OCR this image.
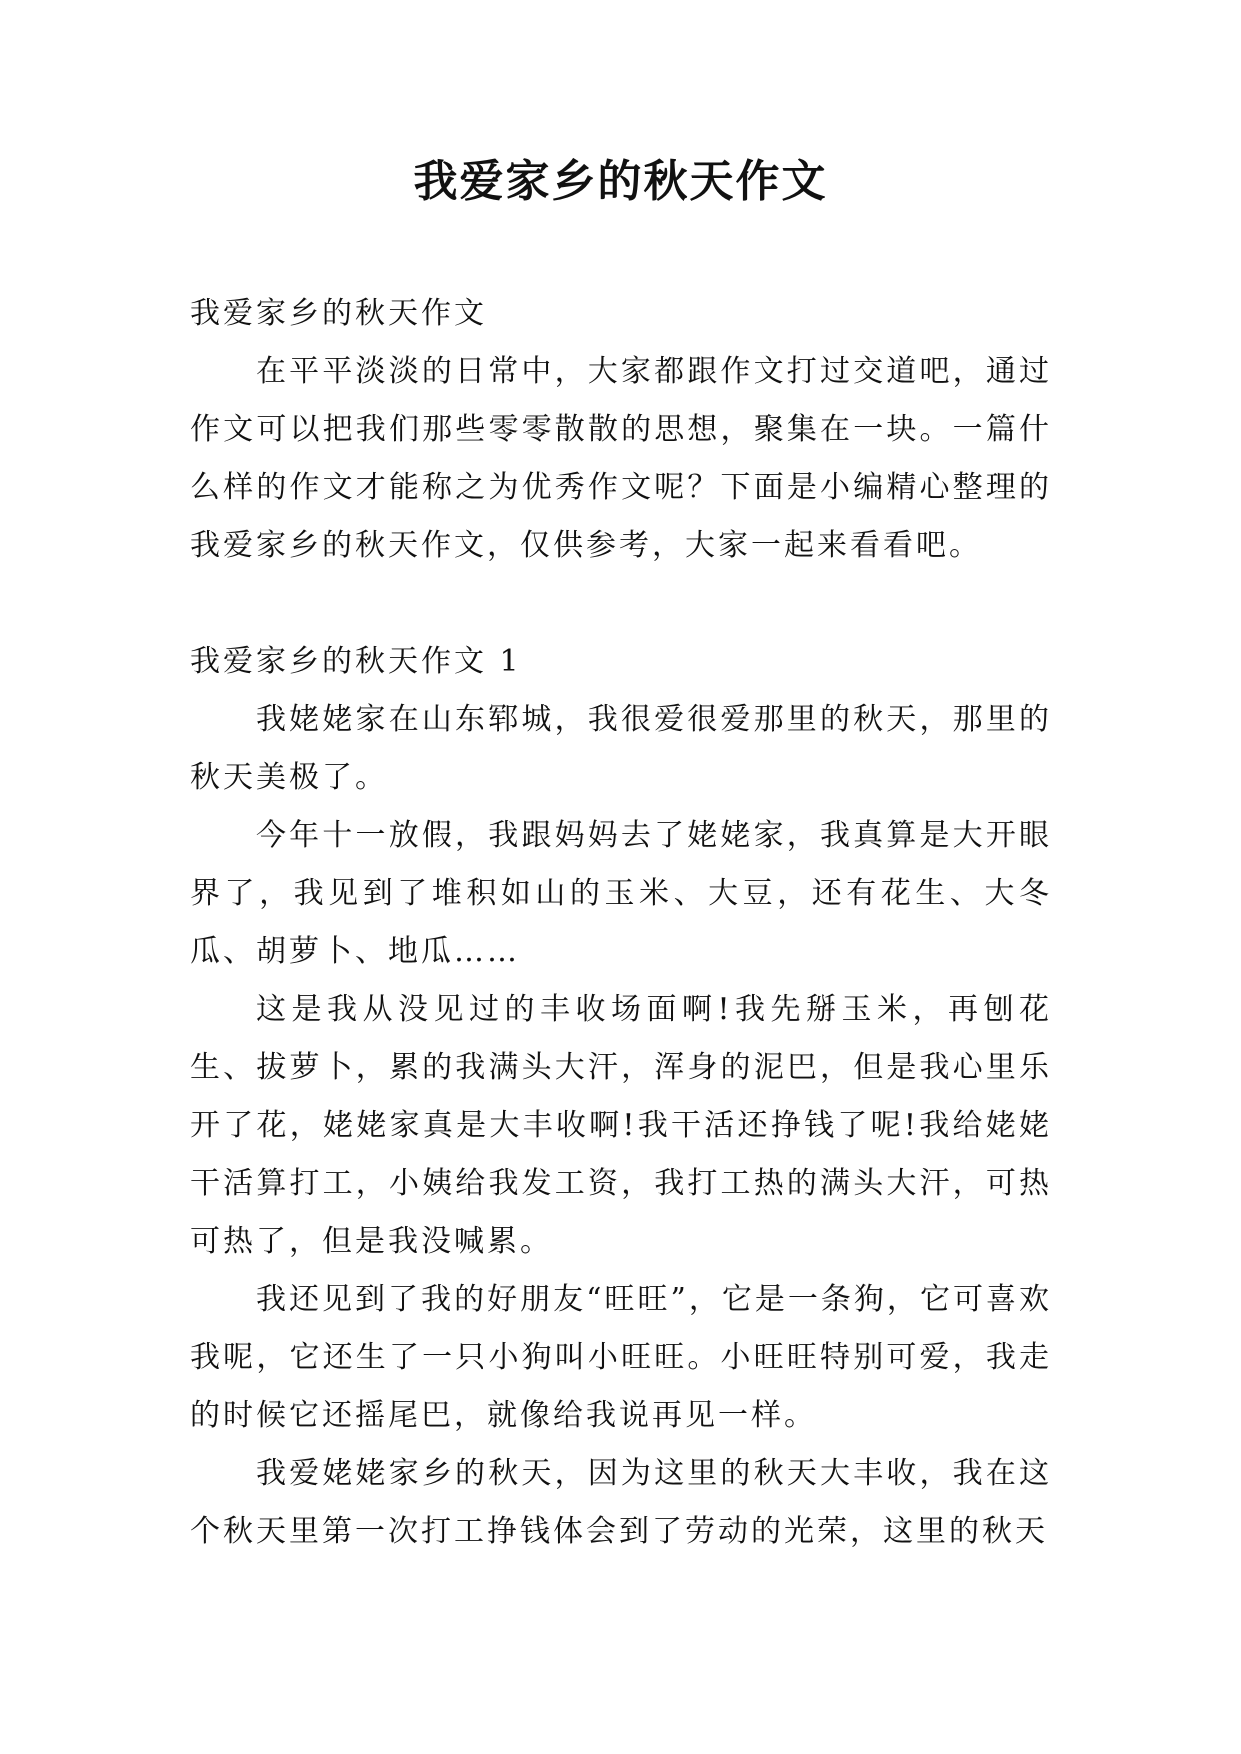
我爱家乡的秋天作文

我爱家乡的秋天作文

在平平淡淡的日常中，大家都跟作文打过交道吧，通过作文可以把我们那些零零散散的思想，聚集在一块。一篇什么样的作文才能称之为优秀作文呢？下面是小编精心整理的我爱家乡的秋天作文，仅供参考，大家一起来看看吧。

我爱家乡的秋天作文 1

我姥姥家在山东郓城，我很爱很爱那里的秋天，那里的秋天美极了。

今年十一放假，我跟妈妈去了姥姥家，我真算是大开眼界了，我见到了堆积如山的玉米、大豆，还有花生、大冬瓜、胡萝卜、地瓜……

这是我从没见过的丰收场面啊!我先掰玉米，再刨花生、拔萝卜，累的我满头大汗，浑身的泥巴，但是我心里乐开了花，姥姥家真是大丰收啊!我干活还挣钱了呢!我给姥姥干活算打工，小姨给我发工资，我打工热的满头大汗，可热可热了，但是我没喊累。

我还见到了我的好朋友“旺旺”，它是一条狗，它可喜欢我呢，它还生了一只小狗叫小旺旺。小旺旺特别可爱，我走的时候它还摇尾巴，就像给我说再见一样。

我爱姥姥家乡的秋天，因为这里的秋天大丰收，我在这个秋天里第一次打工挣钱体会到了劳动的光荣，这里的秋天
